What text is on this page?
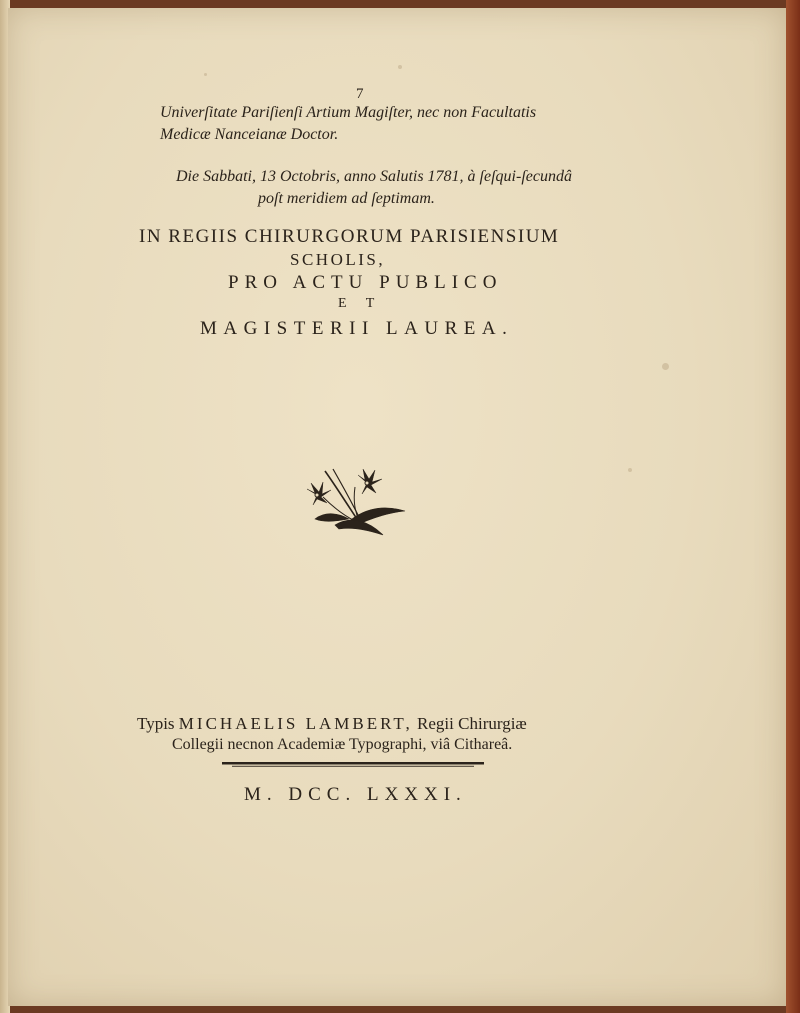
7
Univerſitate Pariſienſi Artium Magiſter, nec non Facultatis
Medicæ Nanceianæ Doctor.
Die Sabbati, 13 Octobris, anno Salutis 1781, à ſeſqui-ſecundâ
poſt meridiem ad ſeptimam.
IN REGIIS CHIRURGORUM PARISIENSIUM
SCHOLIS,
PRO ACTU PUBLICO
E T
MAGISTERII LAUREA.
Typis MICHAELIS LAMBERT, Regii Chirurgiæ
Collegii necnon Academiæ Typographi, viâ Cithareâ.
M. DCC. LXXXI.
